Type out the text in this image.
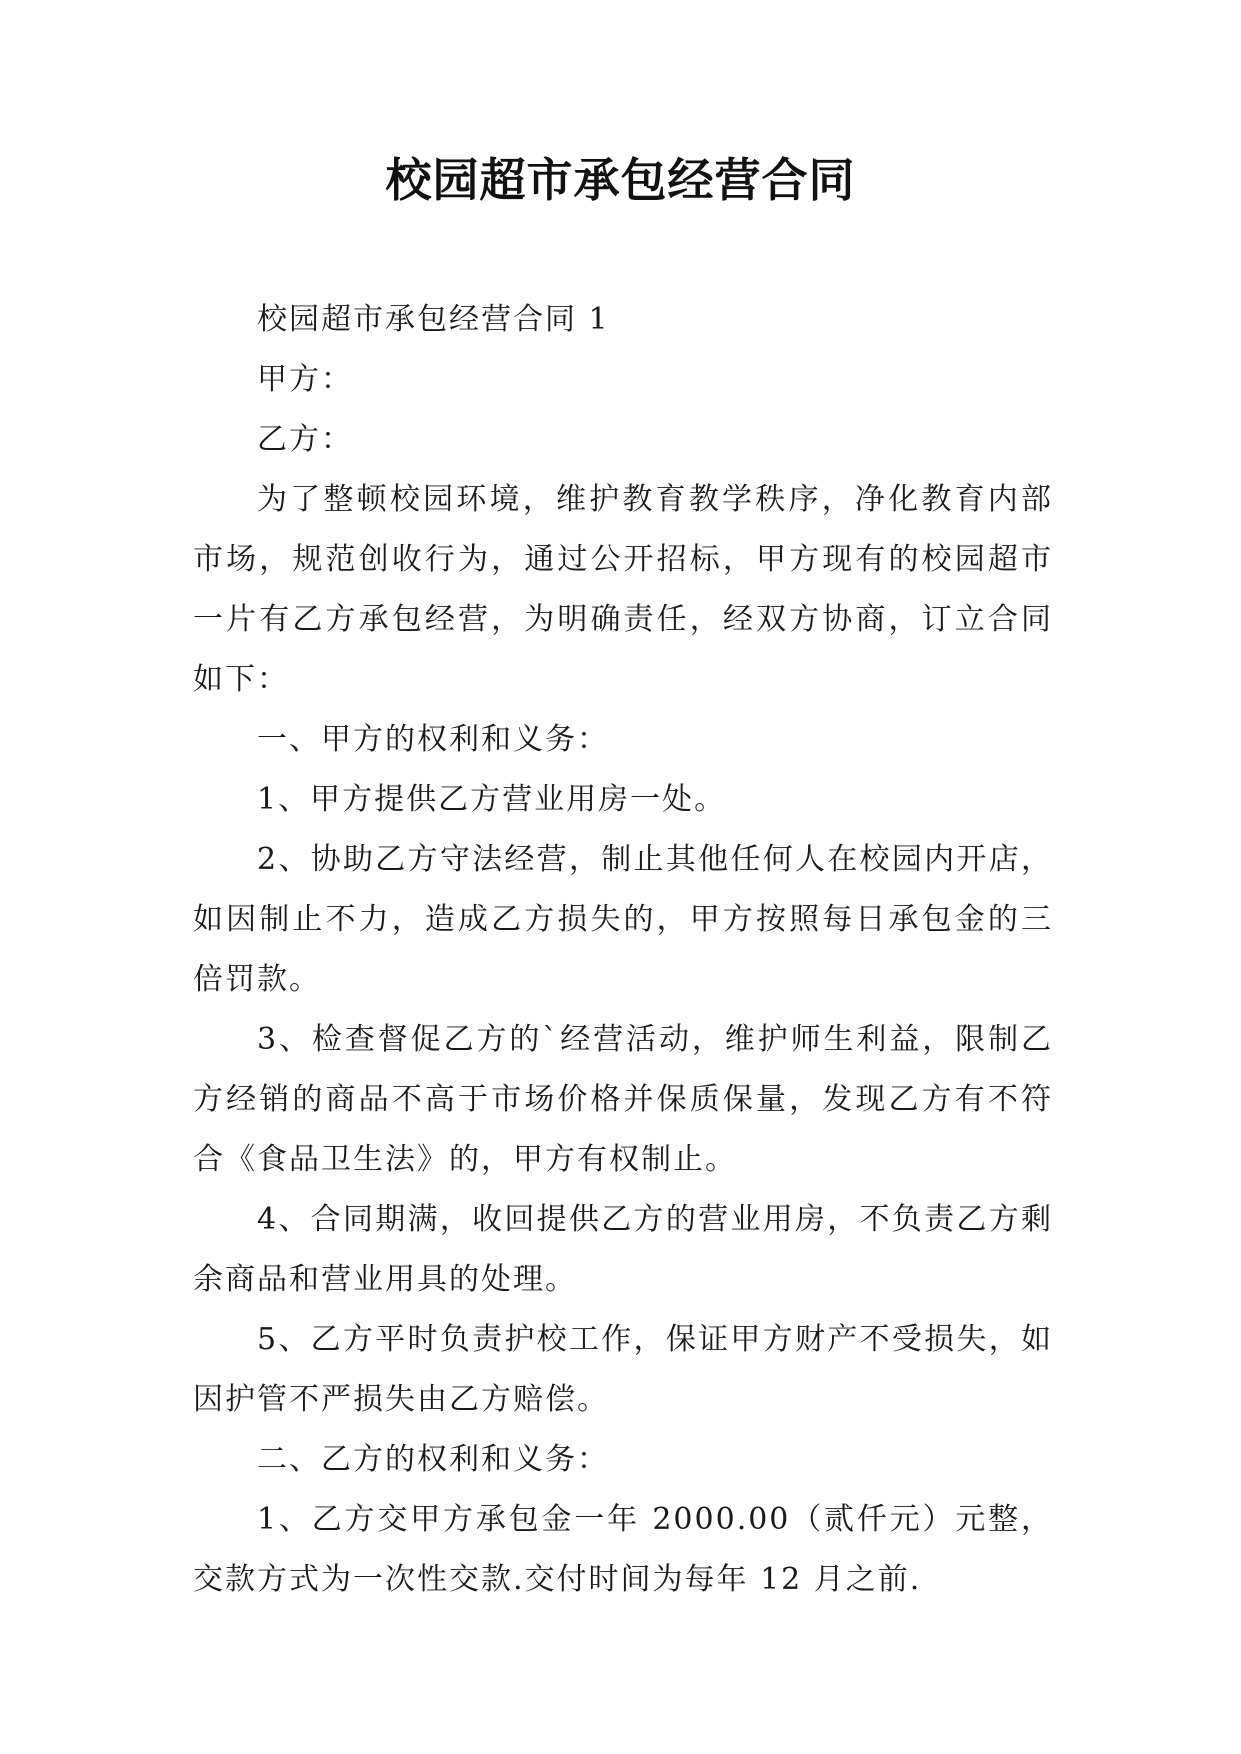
校园超市承包经营合同

校园超市承包经营合同 1

甲方：

乙方：

为了整顿校园环境，维护教育教学秩序，净化教育内部市场，规范创收行为，通过公开招标，甲方现有的校园超市一片有乙方承包经营，为明确责任，经双方协商，订立合同如下：

一、甲方的权利和义务：

1、甲方提供乙方营业用房一处。

2、协助乙方守法经营，制止其他任何人在校园内开店，如因制止不力，造成乙方损失的，甲方按照每日承包金的三倍罚款。

3、检查督促乙方的`经营活动，维护师生利益，限制乙方经销的商品不高于市场价格并保质保量，发现乙方有不符合《食品卫生法》的，甲方有权制止。

4、合同期满，收回提供乙方的营业用房，不负责乙方剩余商品和营业用具的处理。

5、乙方平时负责护校工作，保证甲方财产不受损失，如因护管不严损失由乙方赔偿。

二、乙方的权利和义务：

1、乙方交甲方承包金一年 2000.00（贰仟元）元整，交款方式为一次性交款.交付时间为每年 12 月之前.
